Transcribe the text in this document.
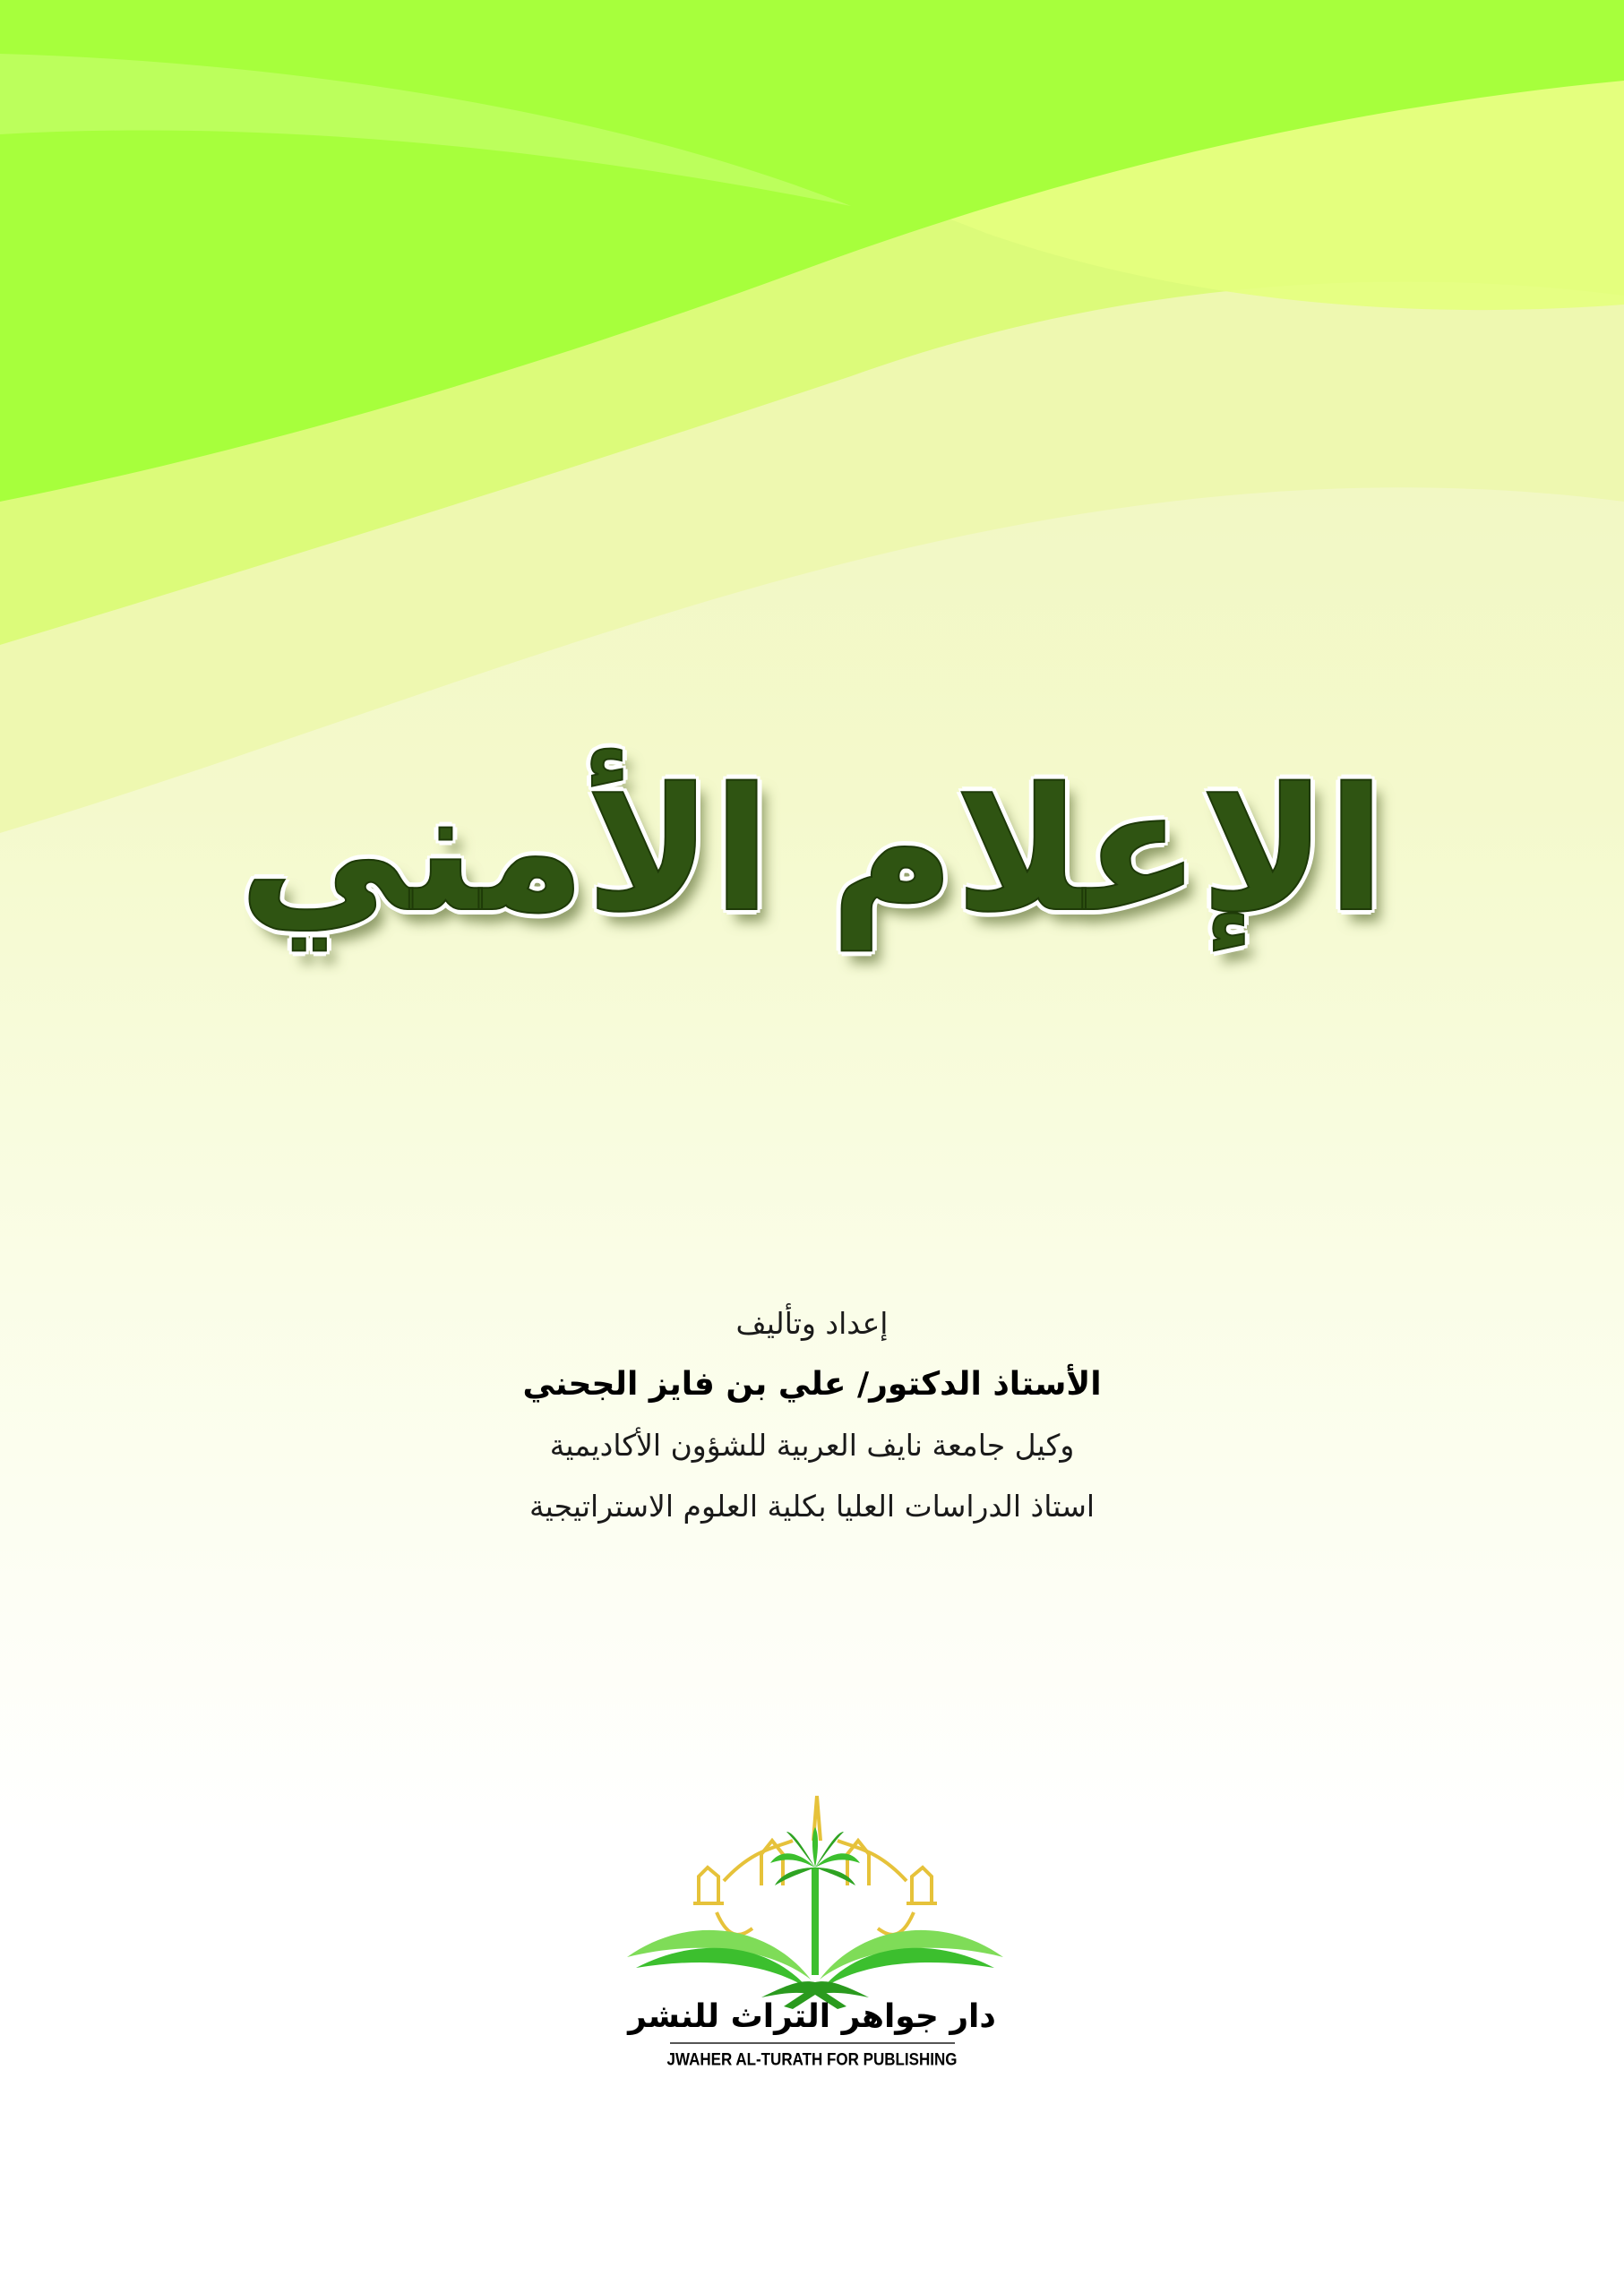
الإعلام الأمني
إعداد وتأليف
الأستاذ الدكتور/ علي بن فايز الجحني
وكيل جامعة نايف العربية للشؤون الأكاديمية
استاذ الدراسات العليا بكلية العلوم الاستراتيجية
دار جواهر التراث للنشر
JWAHER AL-TURATH FOR PUBLISHING
